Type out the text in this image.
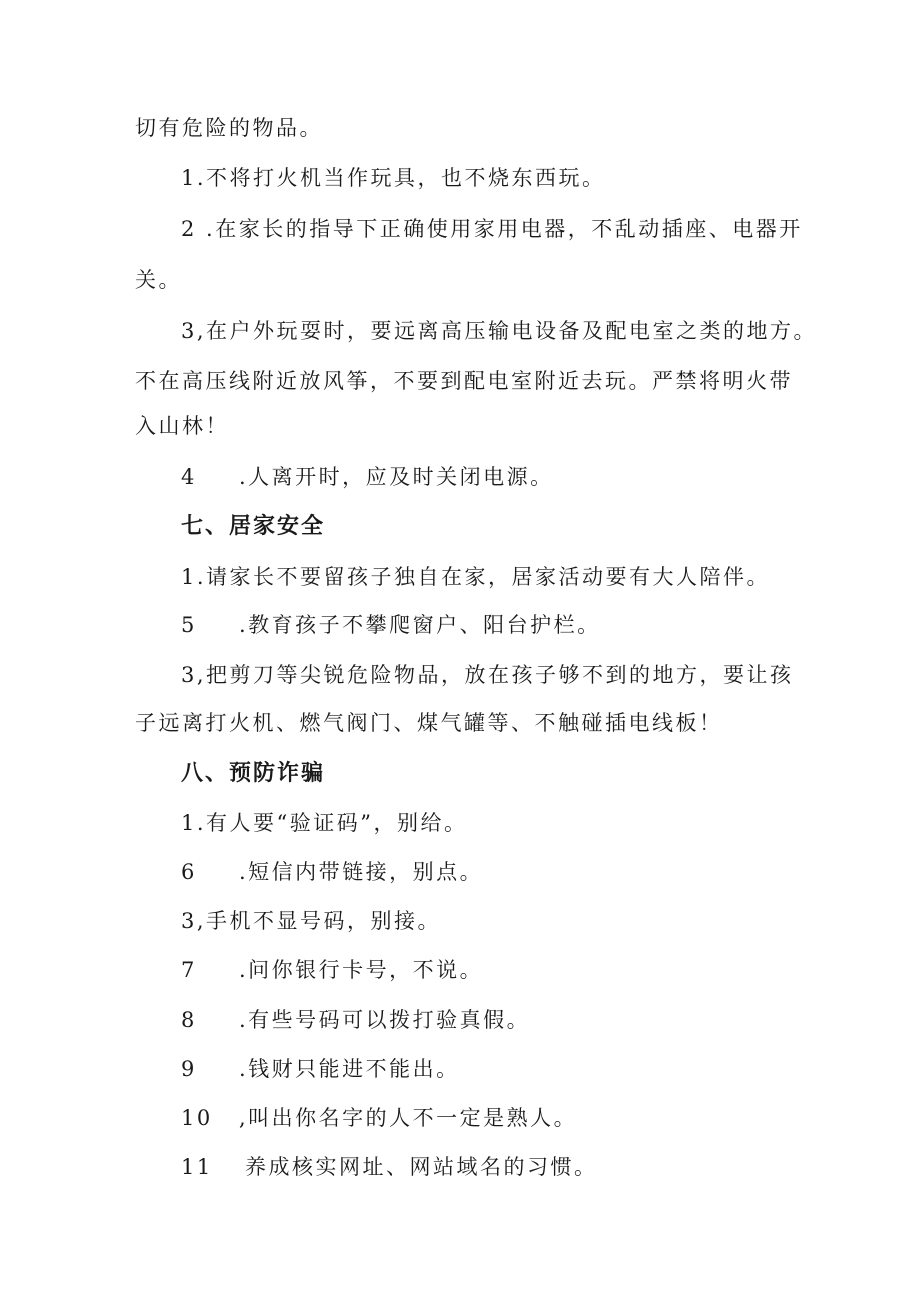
切有危险的物品。
1.不将打火机当作玩具，也不烧东西玩。
2 .在家长的指导下正确使用家用电器，不乱动插座、电器开
关。
3,在户外玩耍时，要远离高压输电设备及配电室之类的地方。
不在高压线附近放风筝，不要到配电室附近去玩。严禁将明火带
入山林！
4 .人离开时，应及时关闭电源。
七、居家安全
1.请家长不要留孩子独自在家，居家活动要有大人陪伴。
5 .教育孩子不攀爬窗户、阳台护栏。
3,把剪刀等尖锐危险物品，放在孩子够不到的地方，要让孩
子远离打火机、燃气阀门、煤气罐等、不触碰插电线板！
八、预防诈骗
1.有人要“验证码”，别给。
6 .短信内带链接，别点。
3,手机不显号码，别接。
7 .问你银行卡号，不说。
8 .有些号码可以拨打验真假。
9 .钱财只能进不能出。
10 ,叫出你名字的人不一定是熟人。
11 养成核实网址、网站域名的习惯。
